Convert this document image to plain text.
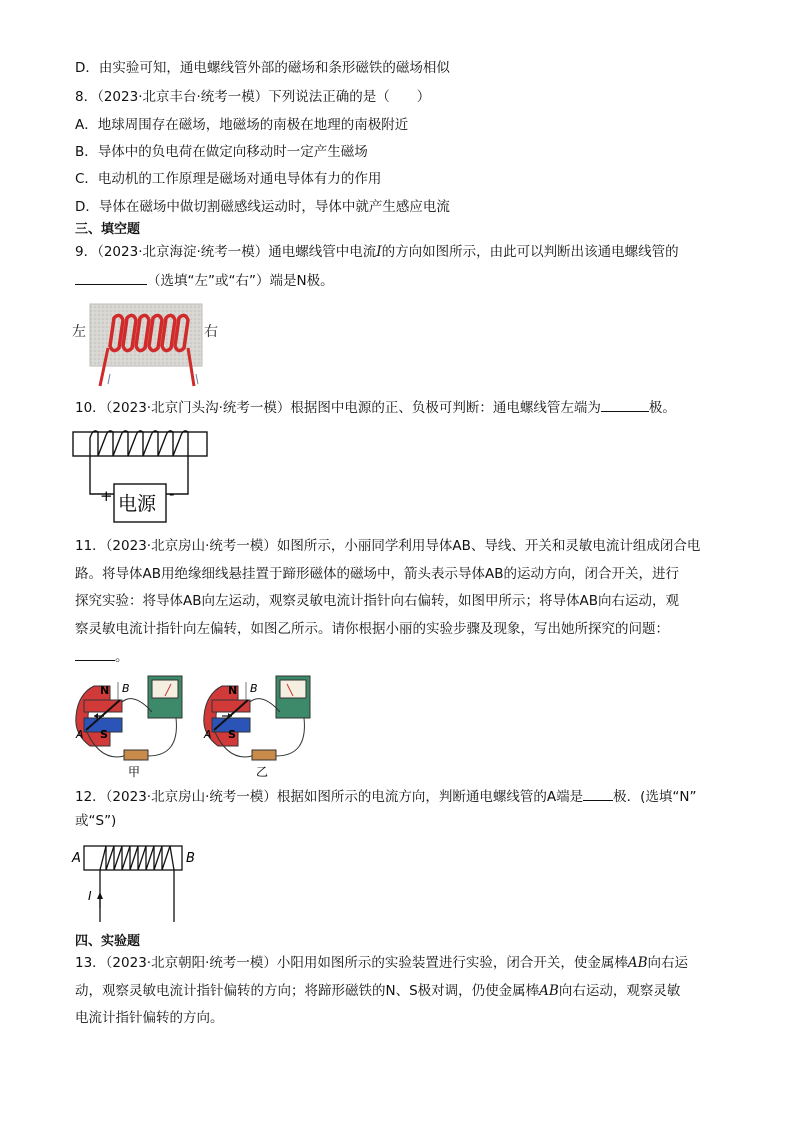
D．由实验可知，通电螺线管外部的磁场和条形磁铁的磁场相似
8．（2023·北京丰台·统考一模）下列说法正确的是（　　）
A．地球周围存在磁场，地磁场的南极在地理的南极附近
B．导体中的负电荷在做定向移动时一定产生磁场
C．电动机的工作原理是磁场对通电导体有力的作用
D．导体在磁场中做切割磁感线运动时，导体中就产生感应电流
三、填空题
9．（2023·北京海淀·统考一模）通电螺线管中电流I的方向如图所示，由此可以判断出该通电螺线管的
（选填“左”或“右”）端是N极。
左	右
10．（2023·北京门头沟·统考一模）根据图中电源的正、负极可判断：通电螺线管左端为	极。
+	-
电源
11．（2023·北京房山·统考一模）如图所示，小丽同学利用导体AB、导线、开关和灵敏电流计组成闭合电
路。将导体AB用绝缘细线悬挂置于蹄形磁体的磁场中，箭头表示导体AB的运动方向，闭合开关，进行
探究实验：将导体AB向左运动，观察灵敏电流计指针向右偏转，如图甲所示；将导体AB向右运动，观
察灵敏电流计指针向左偏转，如图乙所示。请你根据小丽的实验步骤及现象，写出她所探究的问题：
。
N
S
A
B
甲
N
S
A
B
乙
12．（2023·北京房山·统考一模）根据如图所示的电流方向，判断通电螺线管的A端是 极．(选填“N”
或“S”)
A	B
I
四、实验题
13．（2023·北京朝阳·统考一模）小阳用如图所示的实验装置进行实验，闭合开关，使金属棒AB向右运
动，观察灵敏电流计指针偏转的方向；将蹄形磁铁的N、S极对调，仍使金属棒AB向右运动，观察灵敏
电流计指针偏转的方向。
